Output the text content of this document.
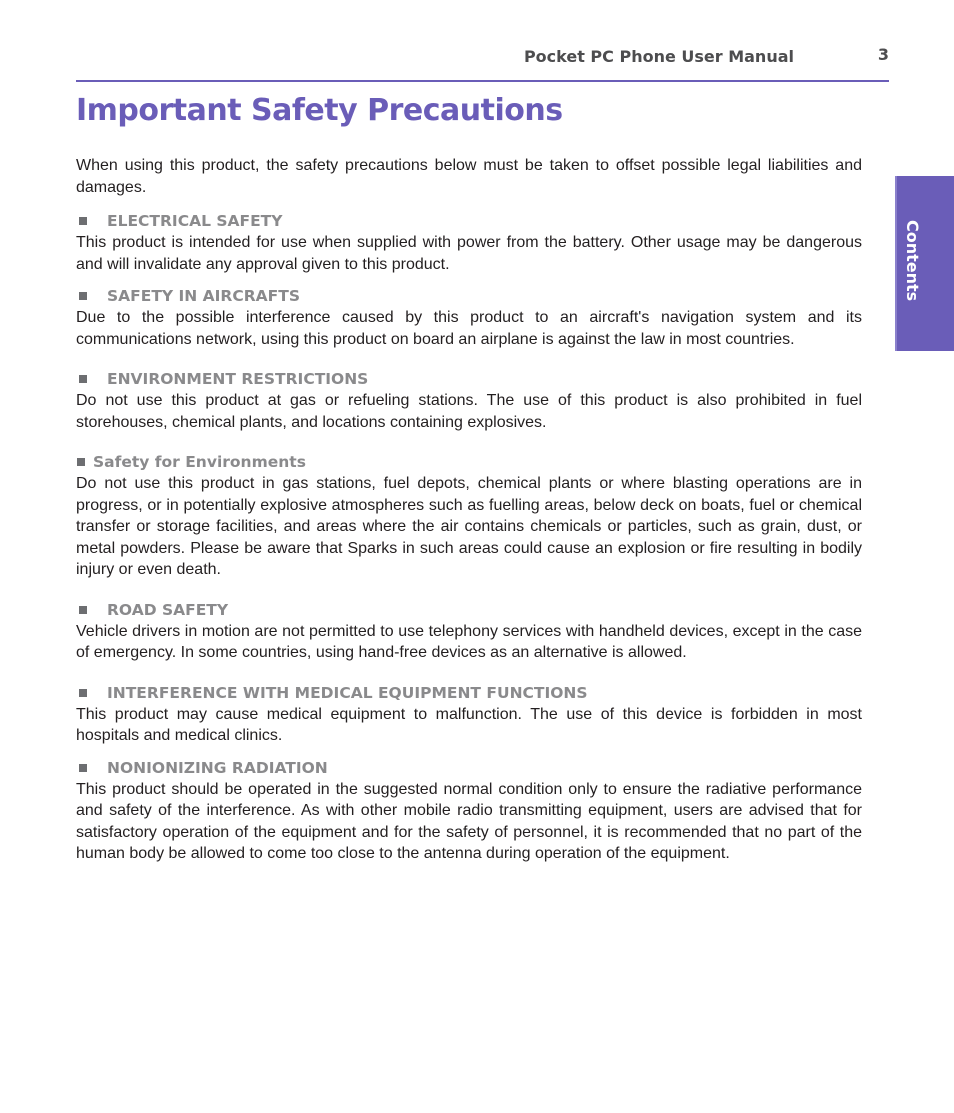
Pocket PC Phone User Manual	3
Important Safety Precautions
Contents

When using this product, the safety precautions below must be taken to offset possible legal liabilities and damages.

ELECTRICAL SAFETY

This product is intended for use when supplied with power from the battery. Other usage may be dangerous and will invalidate any approval given to this product.

SAFETY IN AIRCRAFTS

Due to the possible interference caused by this product to an aircraft's navigation system and its communications network, using this product on board an airplane is against the law in most countries.

ENVIRONMENT RESTRICTIONS

Do not use this product at gas or refueling stations. The use of this product is also prohibited in fuel storehouses, chemical plants, and locations containing explosives.

Safety for Environments

Do not use this product in gas stations, fuel depots, chemical plants or where blasting operations are in progress, or in potentially explosive atmospheres such as fuelling areas, below deck on boats, fuel or chemical transfer or storage facilities, and areas where the air contains chemicals or particles, such as grain, dust, or metal powders. Please be aware that Sparks in such areas could cause an explosion or fire resulting in bodily injury or even death.

ROAD SAFETY

Vehicle drivers in motion are not permitted to use telephony services with handheld devices, except in the case of emergency. In some countries, using hand-free devices as an alternative is allowed.

INTERFERENCE WITH MEDICAL EQUIPMENT FUNCTIONS

This product may cause medical equipment to malfunction. The use of this device is forbidden in most hospitals and medical clinics.

NONIONIZING RADIATION

This product should be operated in the suggested normal condition only to ensure the radiative performance and safety of the interference. As with other mobile radio transmitting equipment, users are advised that for satisfactory operation of the equipment and for the safety of personnel, it is recommended that no part of the human body be allowed to come too close to the antenna during operation of the equipment.
